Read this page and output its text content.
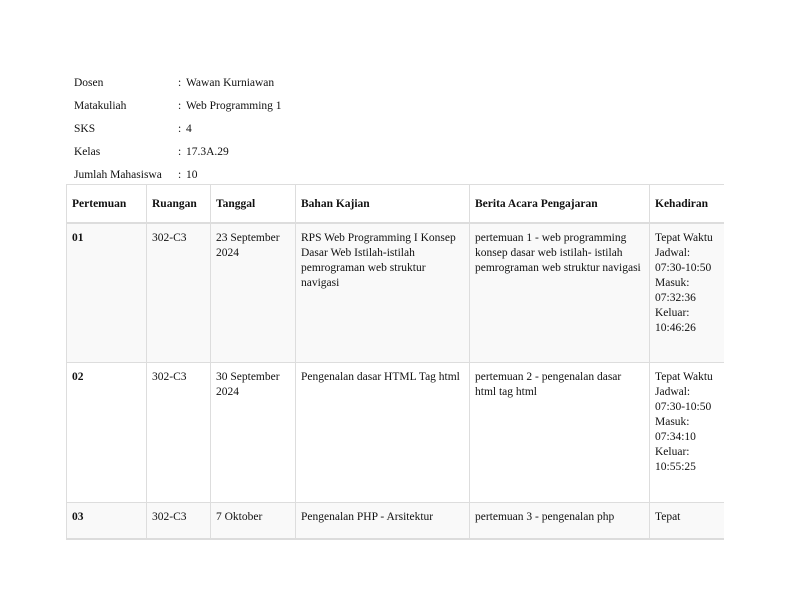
Dosen	: Wawan Kurniawan
Matakuliah	: Web Programming 1
SKS	: 4
Kelas	: 17.3A.29
Jumlah Mahasiswa	: 10
Pertemuan	Ruangan	Tanggal	Bahan Kajian	Berita Acara Pengajaran	Kehadiran
01	302-C3	23 September 2024	RPS Web Programming I Konsep Dasar Web Istilah-istilah pemrograman web struktur navigasi	pertemuan 1 - web programming konsep dasar web istilah- istilah pemrograman web struktur navigasi	Tepat Waktu Jadwal: 07:30-10:50 Masuk: 07:32:36 Keluar: 10:46:26
02	302-C3	30 September 2024	Pengenalan dasar HTML Tag html	pertemuan 2 - pengenalan dasar html tag html	Tepat Waktu Jadwal: 07:30-10:50 Masuk: 07:34:10 Keluar: 10:55:25
03	302-C3	7 Oktober	Pengenalan PHP - Arsitektur	pertemuan 3 - pengenalan php	Tepat
